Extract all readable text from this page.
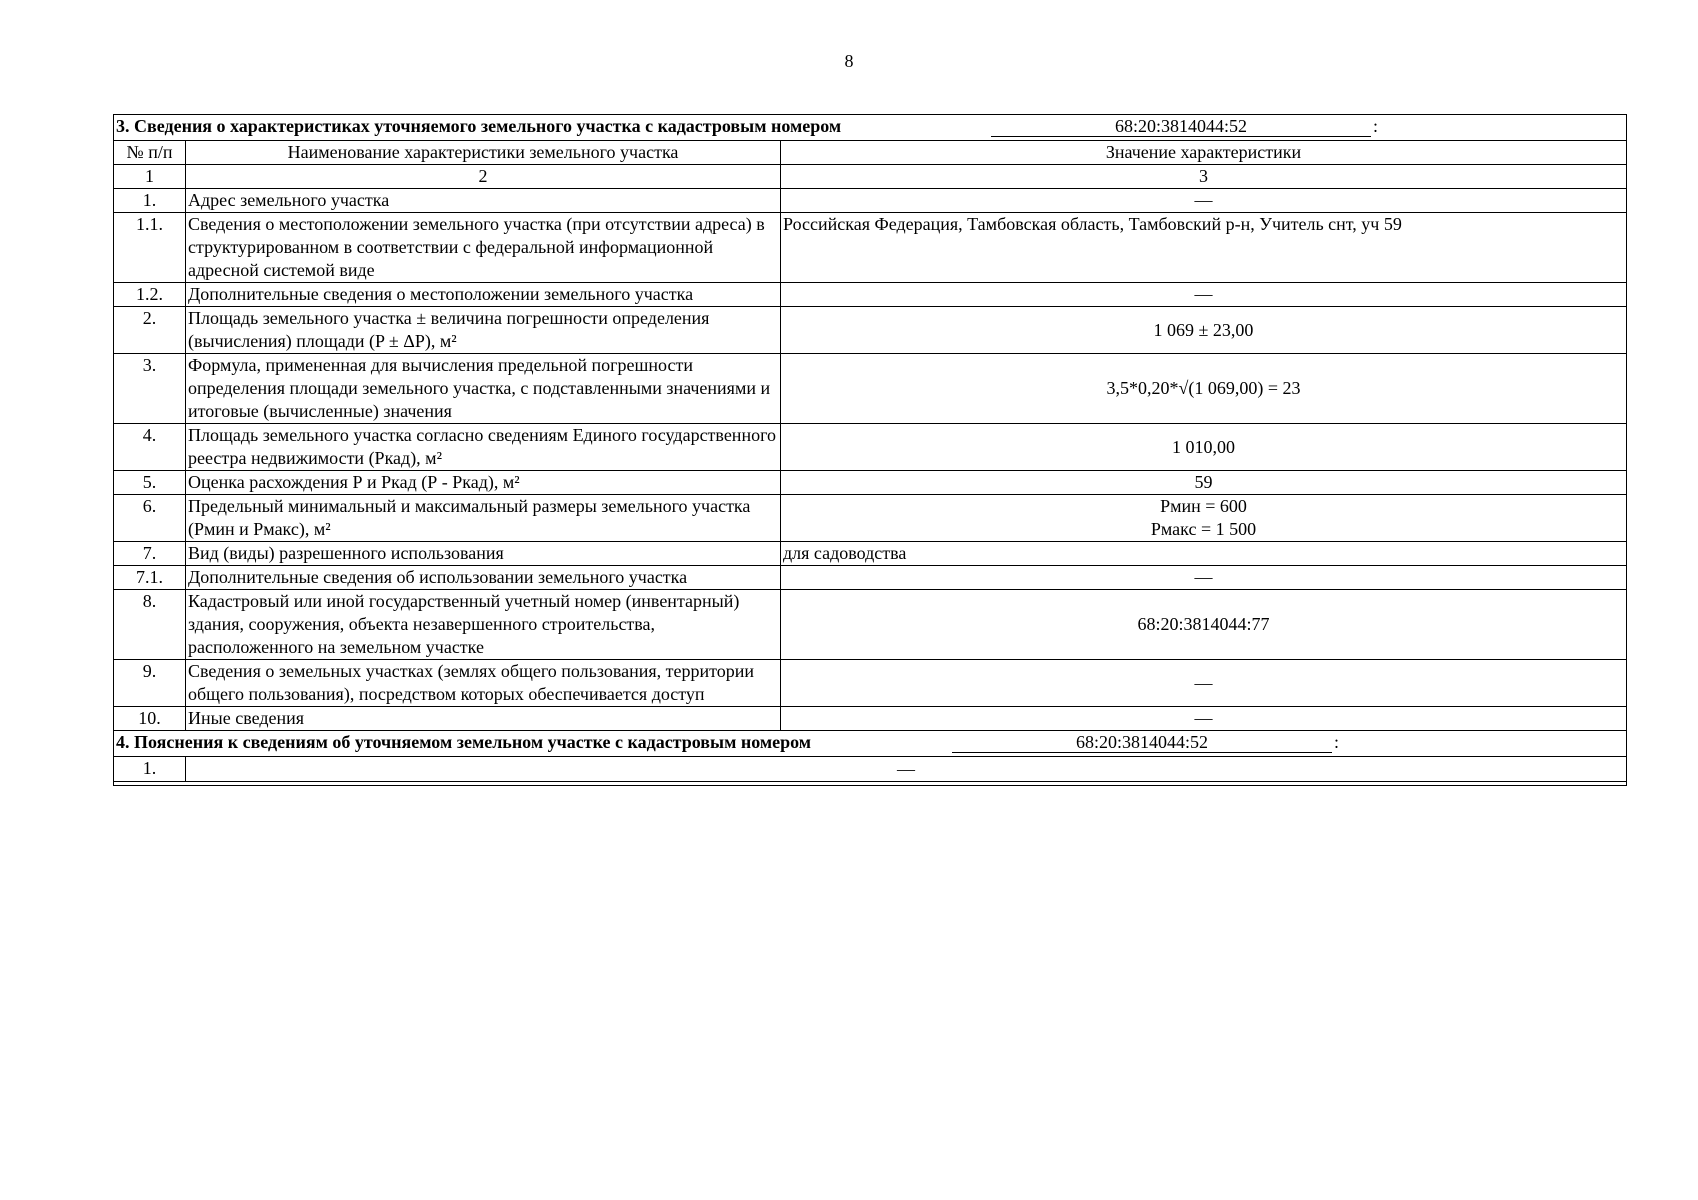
8
3. Сведения о характеристиках уточняемого земельного участка с кадастровым номером 68:20:3814044:52 :		
№ п/п	Наименование характеристики земельного участка	Значение характеристики
1	2	3
1.	Адрес земельного участка	—
1.1.	Сведения о местоположении земельного участка (при отсутствии адреса) в структурированном в соответствии с федеральной информационной адресной системой виде	Российская Федерация, Тамбовская область, Тамбовский р-н, Учитель снт, уч 59
1.2.	Дополнительные сведения о местоположении земельного участка	—
2.	Площадь земельного участка ± величина погрешности определения (вычисления) площади (P ± ΔP), м²	1 069 ± 23,00
3.	Формула, примененная для вычисления предельной погрешности определения площади земельного участка, с подставленными значениями и итоговые (вычисленные) значения	3,5*0,20*√(1 069,00) = 23
4.	Площадь земельного участка согласно сведениям Единого государственного реестра недвижимости (Ркад), м²	1 010,00
5.	Оценка расхождения Р и Ркад (Р - Ркад), м²	59
6.	Предельный минимальный и максимальный размеры земельного участка (Pмин и Pмакс), м²	Pмин = 600
Pмакс = 1 500

7.	Вид (виды) разрешенного использования	для садоводства
7.1.	Дополнительные сведения об использовании земельного участка	—
8.	Кадастровый или иной государственный учетный номер (инвентарный) здания, сооружения, объекта незавершенного строительства, расположенного на земельном участке	68:20:3814044:77
9.	Сведения о земельных участках (землях общего пользования, территории общего пользования), посредством которых обеспечивается доступ	—
10.	Иные сведения	—
4. Пояснения к сведениям об уточняемом земельном участке с кадастровым номером 68:20:3814044:52 :		
1.	—	
